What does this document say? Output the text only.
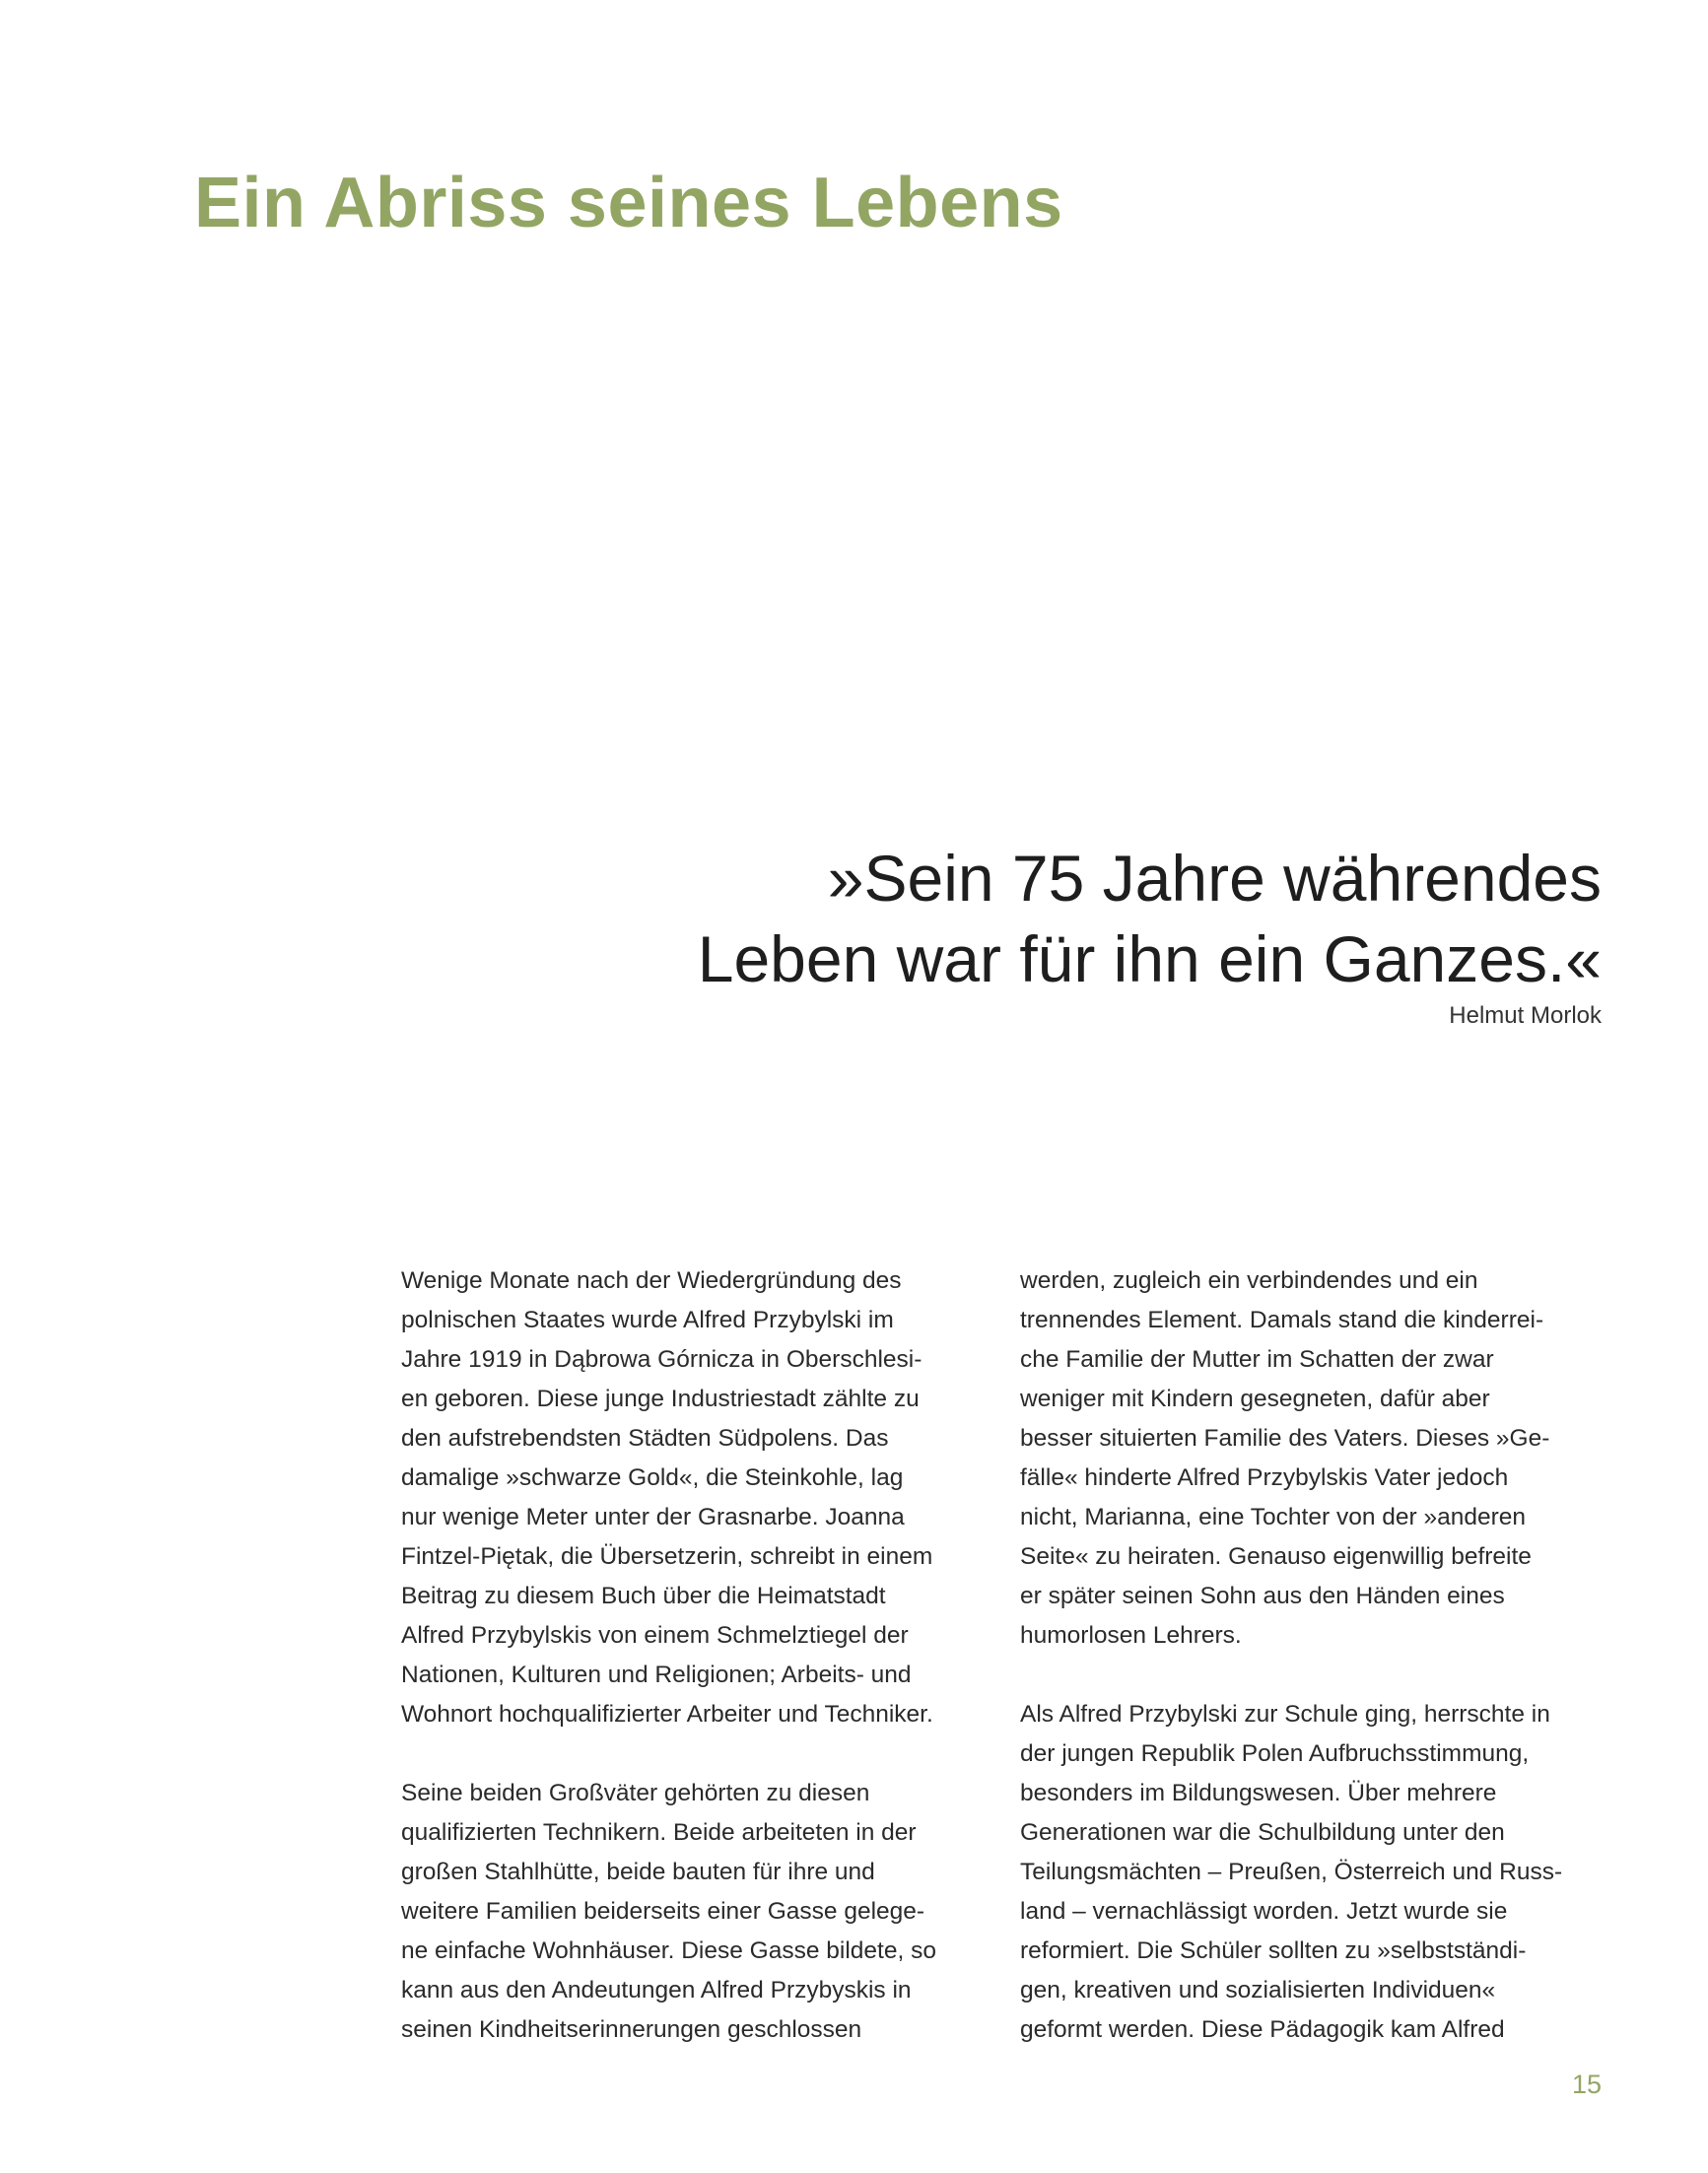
Ein Abriss seines Lebens
»Sein 75 Jahre währendes
Leben war für ihn ein Ganzes.«
Helmut Morlok
Wenige Monate nach der Wiedergründung des
polnischen Staates wurde Alfred Przybylski im
Jahre 1919 in Dąbrowa Górnicza in Oberschlesi-
en geboren. Diese junge Industriestadt zählte zu
den aufstrebendsten Städten Südpolens. Das
damalige »schwarze Gold«, die Steinkohle, lag
nur wenige Meter unter der Grasnarbe. Joanna
Fintzel-Piętak, die Übersetzerin, schreibt in einem
Beitrag zu diesem Buch über die Heimatstadt
Alfred Przybylskis von einem Schmelztiegel der
Nationen, Kulturen und Religionen; Arbeits- und
Wohnort hochqualifizierter Arbeiter und Techniker.
Seine beiden Großväter gehörten zu diesen
qualifizierten Technikern. Beide arbeiteten in der
großen Stahlhütte, beide bauten für ihre und
weitere Familien beiderseits einer Gasse gelege-
ne einfache Wohnhäuser. Diese Gasse bildete, so
kann aus den Andeutungen Alfred Przybyskis in
seinen Kindheitserinnerungen geschlossen
werden, zugleich ein verbindendes und ein
trennendes Element. Damals stand die kinderrei-
che Familie der Mutter im Schatten der zwar
weniger mit Kindern gesegneten, dafür aber
besser situierten Familie des Vaters. Dieses »Ge-
fälle« hinderte Alfred Przybylskis Vater jedoch
nicht, Marianna, eine Tochter von der »anderen
Seite« zu heiraten. Genauso eigenwillig befreite
er später seinen Sohn aus den Händen eines
humorlosen Lehrers.
Als Alfred Przybylski zur Schule ging, herrschte in
der jungen Republik Polen Aufbruchsstimmung,
besonders im Bildungswesen. Über mehrere
Generationen war die Schulbildung unter den
Teilungsmächten – Preußen, Österreich und Russ-
land – vernachlässigt worden. Jetzt wurde sie
reformiert. Die Schüler sollten zu »selbstständi-
gen, kreativen und sozialisierten Individuen«
geformt werden. Diese Pädagogik kam Alfred
15
